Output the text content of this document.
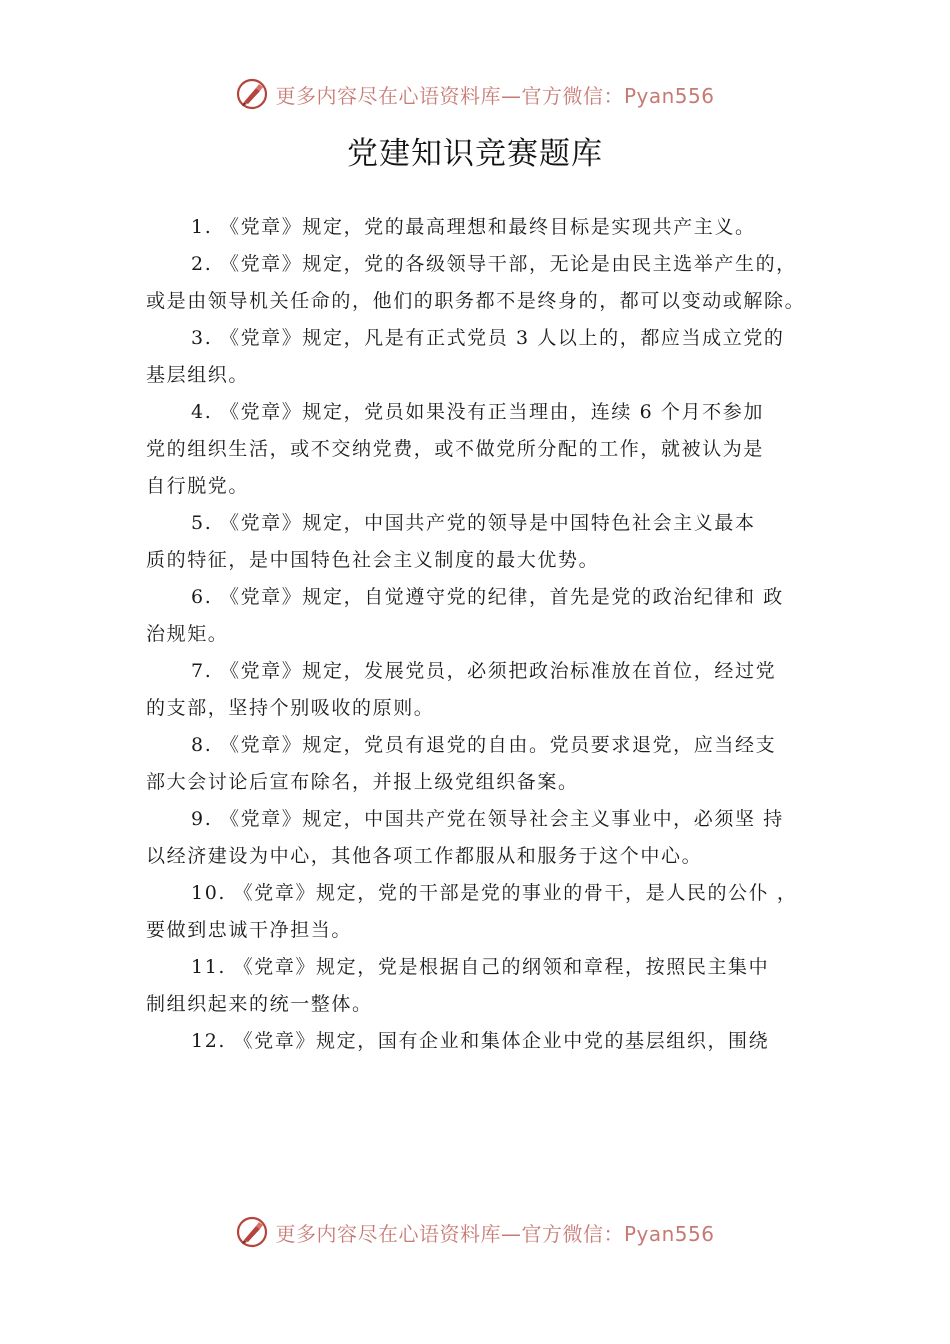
更多内容尽在心语资料库—官方微信：Pyan556
党建知识竞赛题库
1. 《党章》规定，党的最高理想和最终目标是实现共产主义。
2. 《党章》规定，党的各级领导干部，无论是由民主选举产生的，
或是由领导机关任命的，他们的职务都不是终身的，都可以变动或解除。
3. 《党章》规定，凡是有正式党员 3 人以上的，都应当成立党的
基层组织。
4. 《党章》规定，党员如果没有正当理由，连续 6 个月不参加
党的组织生活，或不交纳党费，或不做党所分配的工作，就被认为是
自行脱党。
5. 《党章》规定，中国共产党的领导是中国特色社会主义最本
质的特征，是中国特色社会主义制度的最大优势。
6. 《党章》规定，自觉遵守党的纪律，首先是党的政治纪律和 政
治规矩。
7. 《党章》规定，发展党员，必须把政治标准放在首位，经过党
的支部，坚持个别吸收的原则。
8. 《党章》规定，党员有退党的自由。党员要求退党，应当经支
部大会讨论后宣布除名，并报上级党组织备案。
9. 《党章》规定，中国共产党在领导社会主义事业中，必须坚 持
以经济建设为中心，其他各项工作都服从和服务于这个中心。
10. 《党章》规定，党的干部是党的事业的骨干，是人民的公仆 ，
要做到忠诚干净担当。
11. 《党章》规定，党是根据自己的纲领和章程，按照民主集中
制组织起来的统一整体。
12. 《党章》规定，国有企业和集体企业中党的基层组织，围绕
更多内容尽在心语资料库—官方微信：Pyan556
